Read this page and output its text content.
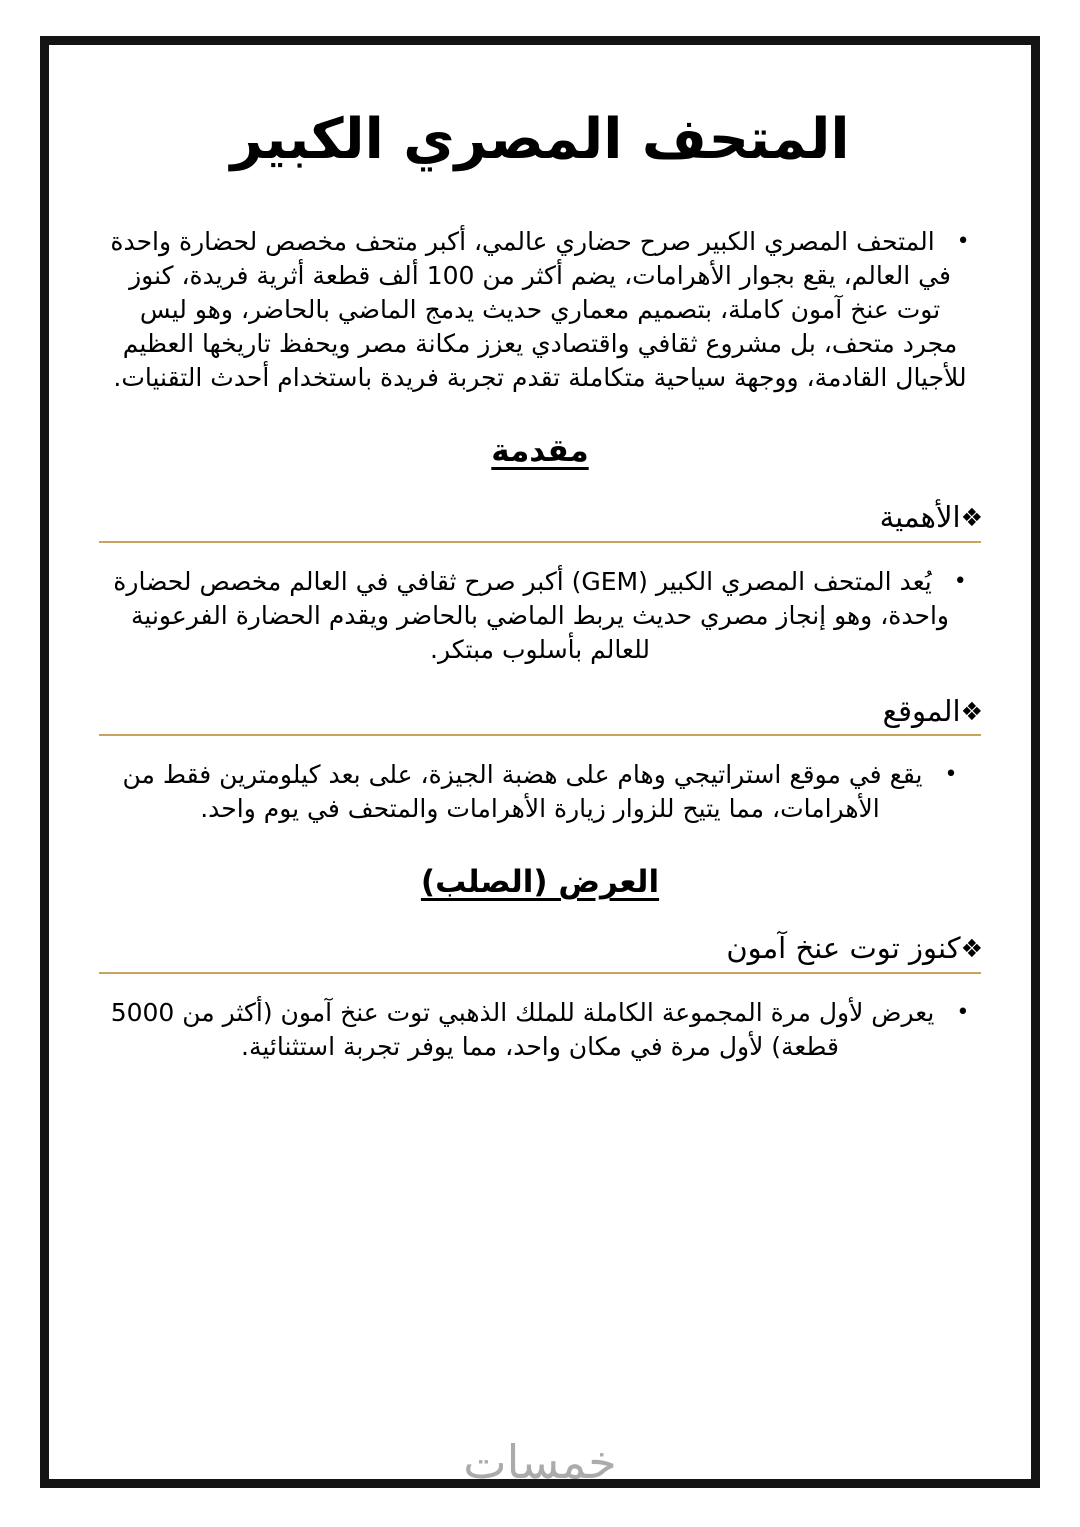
المتحف المصري الكبير

•المتحف المصري الكبير صرح حضاري عالمي، أكبر متحف مخصص لحضارة واحدة في العالم، يقع بجوار الأهرامات، يضم أكثر من 100 ألف قطعة أثرية فريدة، كنوز توت عنخ آمون كاملة، بتصميم معماري حديث يدمج الماضي بالحاضر، وهو ليس مجرد متحف، بل مشروع ثقافي واقتصادي يعزز مكانة مصر ويحفظ تاريخها العظيم للأجيال القادمة، ووجهة سياحية متكاملة تقدم تجربة فريدة باستخدام أحدث التقنيات.

مقدمة
❖الأهمية

•يُعد المتحف المصري الكبير (GEM) أكبر صرح ثقافي في العالم مخصص لحضارة واحدة، وهو إنجاز مصري حديث يربط الماضي بالحاضر ويقدم الحضارة الفرعونية للعالم بأسلوب مبتكر.

❖الموقع

•يقع في موقع استراتيجي وهام على هضبة الجيزة، على بعد كيلومترين فقط من الأهرامات، مما يتيح للزوار زيارة الأهرامات والمتحف في يوم واحد.

العرض (الصلب)
❖كنوز توت عنخ آمون

•يعرض لأول مرة المجموعة الكاملة للملك الذهبي توت عنخ آمون (أكثر من 5000 قطعة) لأول مرة في مكان واحد، مما يوفر تجربة استثنائية.

خمسات
